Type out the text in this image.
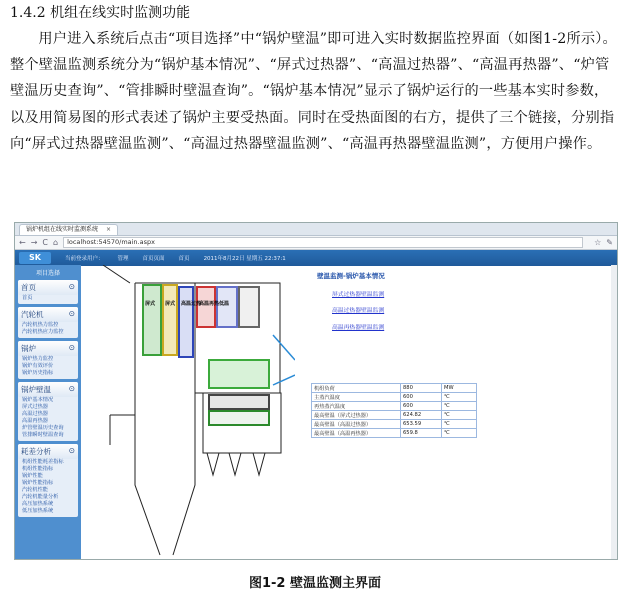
1.4.2 机组在线实时监测功能

用户进入系统后点击“项目选择”中“锅炉壁温”即可进入实时数据监控界面（如图1-2所示）。整个壁温监测系统分为“锅炉基本情况”、“屏式过热器”、“高温过热器”、“高温再热器”、“炉管壁温历史查询”、“管排瞬时壁温查询”。“锅炉基本情况”显示了锅炉运行的一些基本实时参数，以及用简易图的形式表述了锅炉主要受热面。同时在受热面图的右方，提供了三个链接，分别指向“屏式过热器壁温监测”、“高温过热器壁温监测”、“高温再热器壁温监测”，方便用户操作。

锅炉机组在线实时监测系统 ×
← → C ⌂	localhost:54570/main.aspx	☆ ✎
SK	当前登录用户：	管理	首页页面	首页	2011年8月22日 星期五 22:37:1
项目选择
首页	⊙
首页
汽轮机	⊙
汽轮机热力监控
汽轮机热应力监控
锅炉	⊙
锅炉热力监控
锅炉有效评价
锅炉历史指标
锅炉壁温 ⊙
锅炉基本情况
屏式过热器
高温过热器
高温再热器
炉管壁温历史查询
管排瞬时壁温查询
耗差分析 ⊙
机组性能耗差指标
机组性能指标
锅炉性能
锅炉性能指标
汽轮机性能
汽轮机能量分析
高压加热系统
低压加热系统
屏式 屏式 高温过热
高温再热 低温
壁温监测-锅炉基本情况
屏式过热器壁温监测
高温过热器壁温监测
高温再热器壁温监测
机组负荷	880	MW
主蒸汽温度	600	℃
再热蒸汽温度	600	℃
最高壁温（屏式过热器）	624.82	℃
最高壁温（高温过热器）	653.59	℃
最高壁温（高温再热器）	659.8	℃
图1-2 壁温监测主界面
